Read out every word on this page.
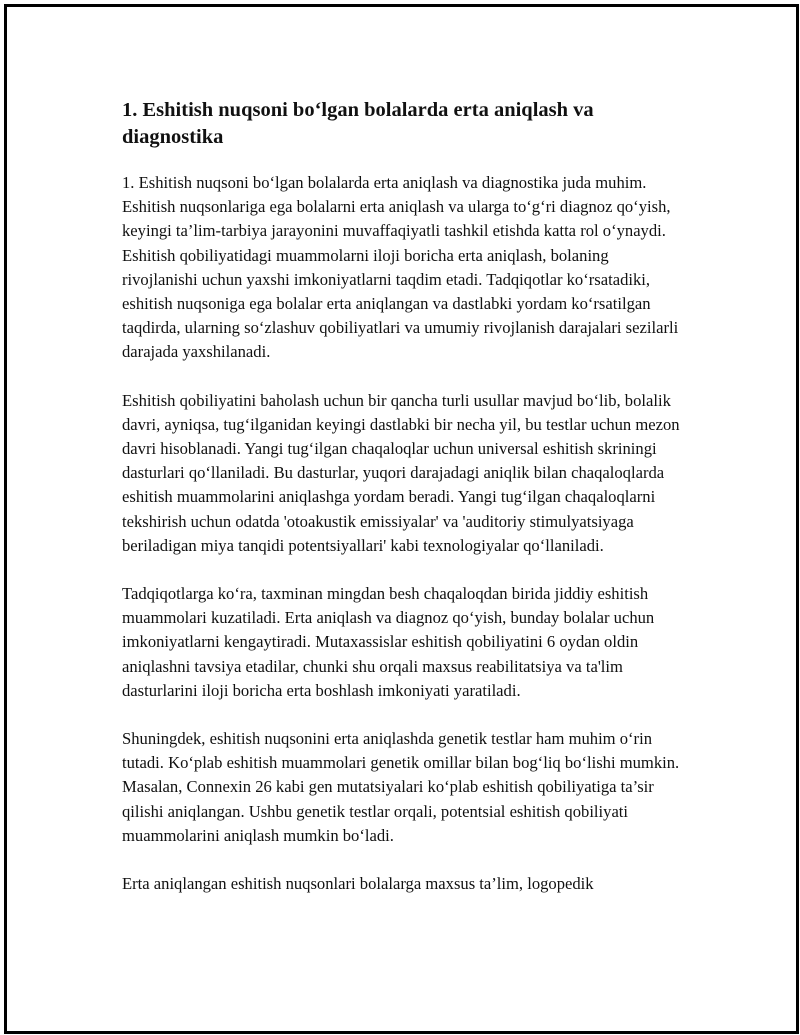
1. Eshitish nuqsoni bo‘lgan bolalarda erta aniqlash va diagnostika

1. Eshitish nuqsoni bo‘lgan bolalarda erta aniqlash va diagnostika juda muhim. Eshitish nuqsonlariga ega bolalarni erta aniqlash va ularga to‘g‘ri diagnoz qo‘yish, keyingi ta’lim-tarbiya jarayonini muvaffaqiyatli tashkil etishda katta rol o‘ynaydi. Eshitish qobiliyatidagi muammolarni iloji boricha erta aniqlash, bolaning rivojlanishi uchun yaxshi imkoniyatlarni taqdim etadi. Tadqiqotlar ko‘rsatadiki, eshitish nuqsoniga ega bolalar erta aniqlangan va dastlabki yordam ko‘rsatilgan taqdirda, ularning so‘zlashuv qobiliyatlari va umumiy rivojlanish darajalari sezilarli darajada yaxshilanadi.

Eshitish qobiliyatini baholash uchun bir qancha turli usullar mavjud bo‘lib, bolalik davri, ayniqsa, tug‘ilganidan keyingi dastlabki bir necha yil, bu testlar uchun mezon davri hisoblanadi. Yangi tug‘ilgan chaqaloqlar uchun universal eshitish skriningi dasturlari qo‘llaniladi. Bu dasturlar, yuqori darajadagi aniqlik bilan chaqaloqlarda eshitish muammolarini aniqlashga yordam beradi. Yangi tug‘ilgan chaqaloqlarni tekshirish uchun odatda 'otoakustik emissiyalar' va 'auditoriy stimulyatsiyaga beriladigan miya tanqidi potentsiyallari' kabi texnologiyalar qo‘llaniladi.

Tadqiqotlarga ko‘ra, taxminan mingdan besh chaqaloqdan birida jiddiy eshitish muammolari kuzatiladi. Erta aniqlash va diagnoz qo‘yish, bunday bolalar uchun imkoniyatlarni kengaytiradi. Mutaxassislar eshitish qobiliyatini 6 oydan oldin aniqlashni tavsiya etadilar, chunki shu orqali maxsus reabilitatsiya va ta'lim dasturlarini iloji boricha erta boshlash imkoniyati yaratiladi.

Shuningdek, eshitish nuqsonini erta aniqlashda genetik testlar ham muhim o‘rin tutadi. Ko‘plab eshitish muammolari genetik omillar bilan bog‘liq bo‘lishi mumkin. Masalan, Connexin 26 kabi gen mutatsiyalari ko‘plab eshitish qobiliyatiga ta’sir qilishi aniqlangan. Ushbu genetik testlar orqali, potentsial eshitish qobiliyati muammolarini aniqlash mumkin bo‘ladi.

Erta aniqlangan eshitish nuqsonlari bolalarga maxsus ta’lim, logopedik
